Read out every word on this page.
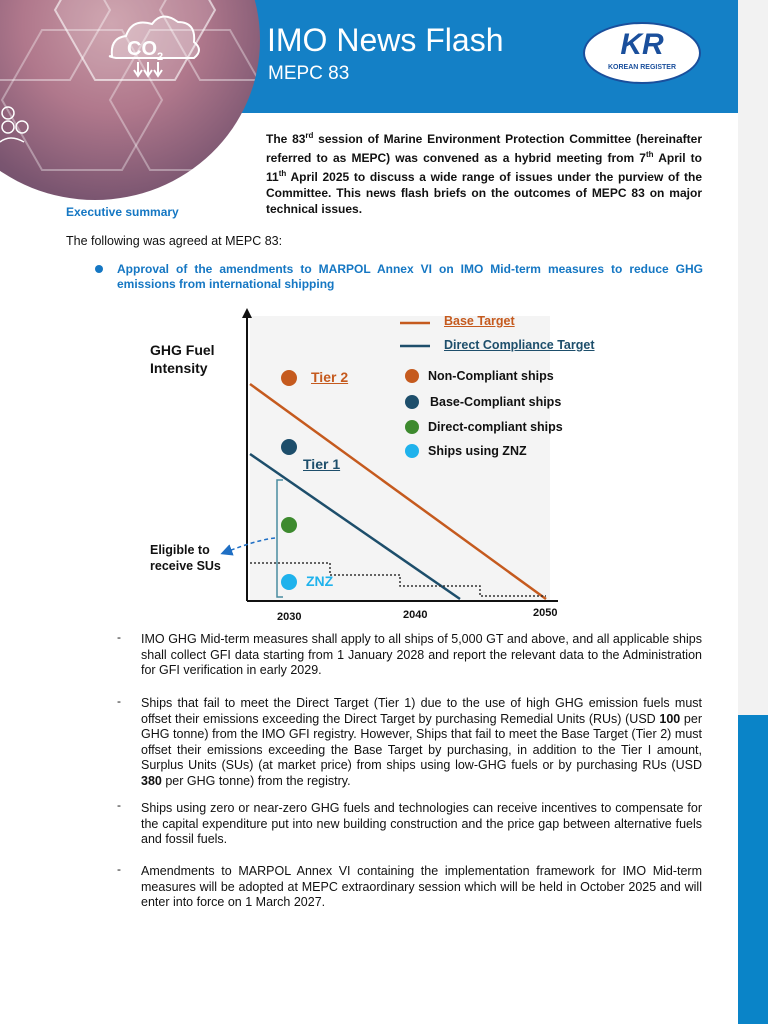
$CO_2$	IMO News Flash
MEPC 83
KR
KOREAN REGISTER
The 83rd session of Marine Environment Protection Committee (hereinafter referred to as MEPC) was convened as a hybrid meeting from 7th April to 11th April 2025 to discuss a wide range of issues under the purview of the Committee. This news flash briefs on the outcomes of MEPC 83 on major technical issues.
Executive summary
The following was agreed at MEPC 83:
Approval of the amendments to MARPOL Annex VI on IMO Mid-term measures to reduce GHG emissions from international shipping
GHG Fuel
Intensity
Base Target
Direct Compliance Target
Non-Compliant ships
Base-Compliant ships
Direct-compliant ships
Ships using ZNZ
Tier 2
Tier 1
ZNZ
Eligible to
receive SUs
2030	2040	2050
- IMO GHG Mid-term measures shall apply to all ships of 5,000 GT and above, and all applicable ships shall collect GFI data starting from 1 January 2028 and report the relevant data to the Administration for GFI verification in early 2029.
- Ships that fail to meet the Direct Target (Tier 1) due to the use of high GHG emission fuels must offset their emissions exceeding the Direct Target by purchasing Remedial Units (RUs) (USD 100 per GHG tonne) from the IMO GFI registry. However, Ships that fail to meet the Base Target (Tier 2) must offset their emissions exceeding the Base Target by purchasing, in addition to the Tier I amount, Surplus Units (SUs) (at market price) from ships using low-GHG fuels or by purchasing RUs (USD 380 per GHG tonne) from the registry.
- Ships using zero or near-zero GHG fuels and technologies can receive incentives to compensate for the capital expenditure put into new building construction and the price gap between alternative fuels and fossil fuels.
- Amendments to MARPOL Annex VI containing the implementation framework for IMO Mid-term measures will be adopted at MEPC extraordinary session which will be held in October 2025 and will enter into force on 1 March 2027.
